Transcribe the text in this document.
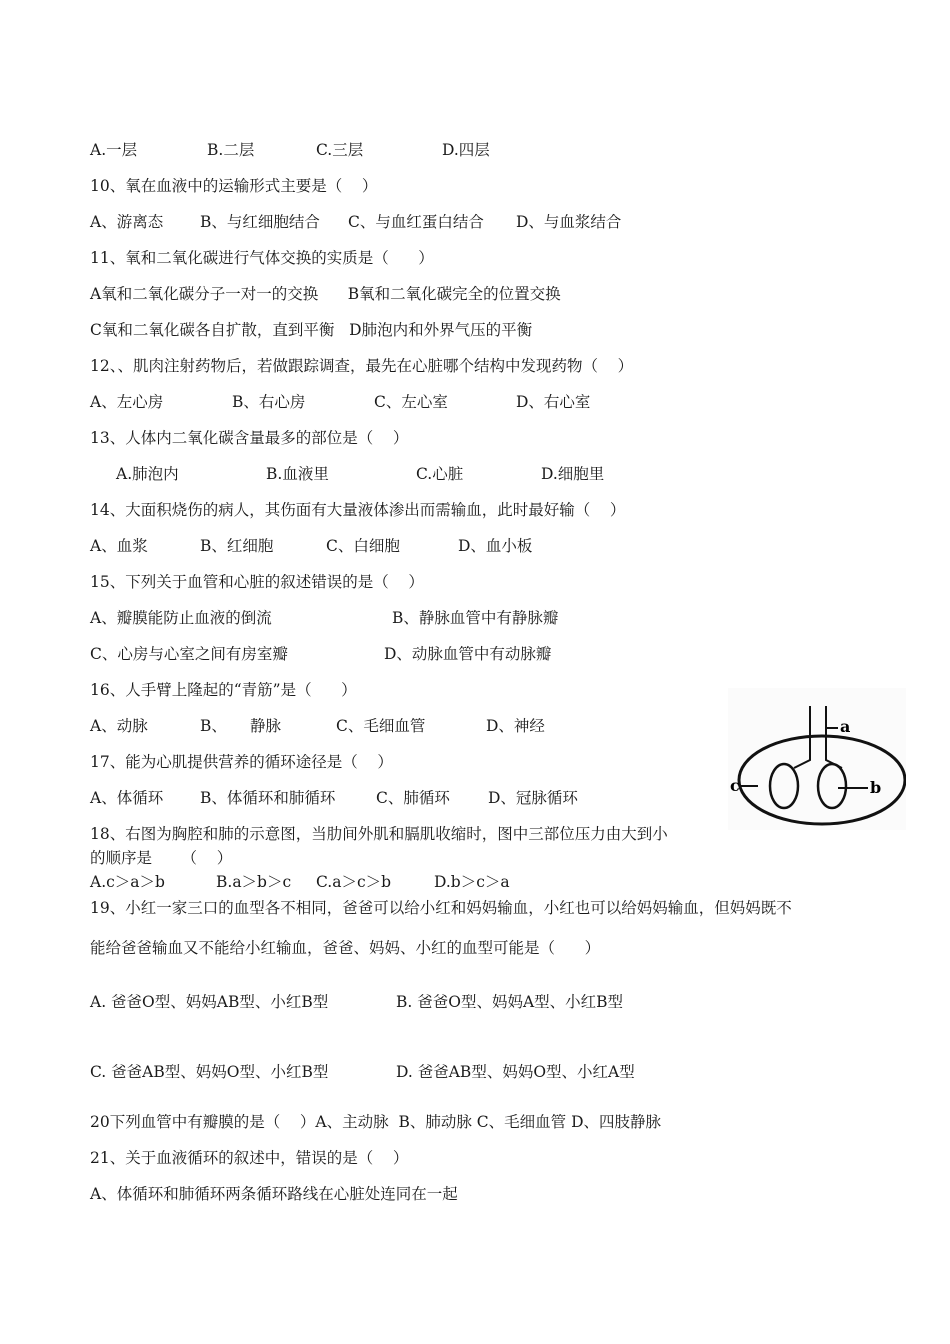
A.一层	B.二层	C.三层	D.四层
10、氧在血液中的运输形式主要是（    ）
A、游离态 B、与红细胞结合 C、与血红蛋白结合 D、与血浆结合
11、氧和二氧化碳进行气体交换的实质是（      ）
A氧和二氧化碳分子一对一的交换      B氧和二氧化碳完全的位置交换
C氧和二氧化碳各自扩散，直到平衡   D肺泡内和外界气压的平衡
12、、肌肉注射药物后，若做跟踪调查，最先在心脏哪个结构中发现药物（    ）
A、左心房	B、右心房	C、左心室	D、右心室
13、人体内二氧化碳含量最多的部位是（    ）
A.肺泡内	B.血液里	C.心脏	D.细胞里
14、大面积烧伤的病人，其伤面有大量液体渗出而需输血，此时最好输（    ）
A、血浆	B、红细胞	C、白细胞	D、血小板
15、下列关于血管和心脏的叙述错误的是（    ）
A、瓣膜能防止血液的倒流	B、静脉血管中有静脉瓣
C、心房与心室之间有房室瓣	D、动脉血管中有动脉瓣
16、人手臂上隆起的“青筋”是（      ）
A、动脉	B、 静脉	C、毛细血管	D、神经
17、能为心肌提供营养的循环途径是（    ）
A、体循环 B、体循环和肺循环	C、肺循环 D、冠脉循环
18、右图为胸腔和肺的示意图，当肋间外肌和膈肌收缩时，图中三部位压力由大到小
的顺序是      （    ）
A.c＞a＞b	B.a＞b＞c C.a＞c＞b	D.b＞c＞a
19、小红一家三口的血型各不相同，爸爸可以给小红和妈妈输血，小红也可以给妈妈输血，但妈妈既不
能给爸爸输血又不能给小红输血，爸爸、妈妈、小红的血型可能是（      ）
A. 爸爸O型、妈妈AB型、小红B型	B. 爸爸O型、妈妈A型、小红B型
C. 爸爸AB型、妈妈O型、小红B型	D. 爸爸AB型、妈妈O型、小红A型
20下列血管中有瓣膜的是（    ）A、主动脉  B、肺动脉 C、毛细血管 D、四肢静脉
21、关于血液循环的叙述中，错误的是（    ）
A、体循环和肺循环两条循环路线在心脏处连同在一起
a
b
c
